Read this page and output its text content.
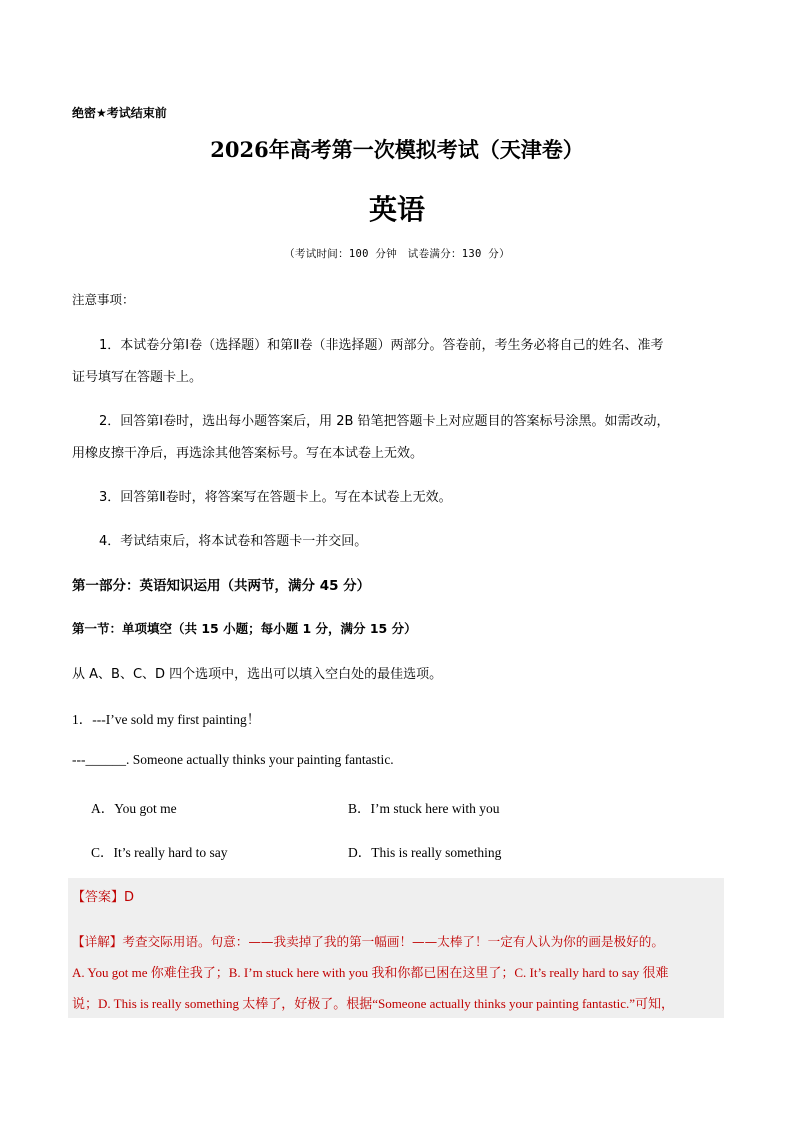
绝密★考试结束前
2026年高考第一次模拟考试（天津卷）
英语
（考试时间：100 分钟　试卷满分：130 分）
注意事项：
1．本试卷分第Ⅰ卷（选择题）和第Ⅱ卷（非选择题）两部分。答卷前，考生务必将自己的姓名、准考
证号填写在答题卡上。
2．回答第Ⅰ卷时，选出每小题答案后，用 2B 铅笔把答题卡上对应题目的答案标号涂黑。如需改动，
用橡皮擦干净后，再选涂其他答案标号。写在本试卷上无效。
3．回答第Ⅱ卷时，将答案写在答题卡上。写在本试卷上无效。
4．考试结束后，将本试卷和答题卡一并交回。
第一部分：英语知识运用（共两节，满分 45 分）
第一节：单项填空（共 15 小题；每小题 1 分，满分 15 分）
从 A、B、C、D 四个选项中，选出可以填入空白处的最佳选项。
1．---I’ve sold my first painting！
---______. Someone actually thinks your painting fantastic.
A．You got me	B．I’m stuck here with you
C．It’s really hard to say	D．This is really something
【答案】D
【详解】考查交际用语。句意：——我卖掉了我的第一幅画！——太棒了！一定有人认为你的画是极好的。
A. You got me 你难住我了；B. I’m stuck here with you 我和你都已困在这里了；C. It’s really hard to say 很难
说；D. This is really something 太棒了，好极了。根据“Someone actually thinks your painting fantastic.”可知，
